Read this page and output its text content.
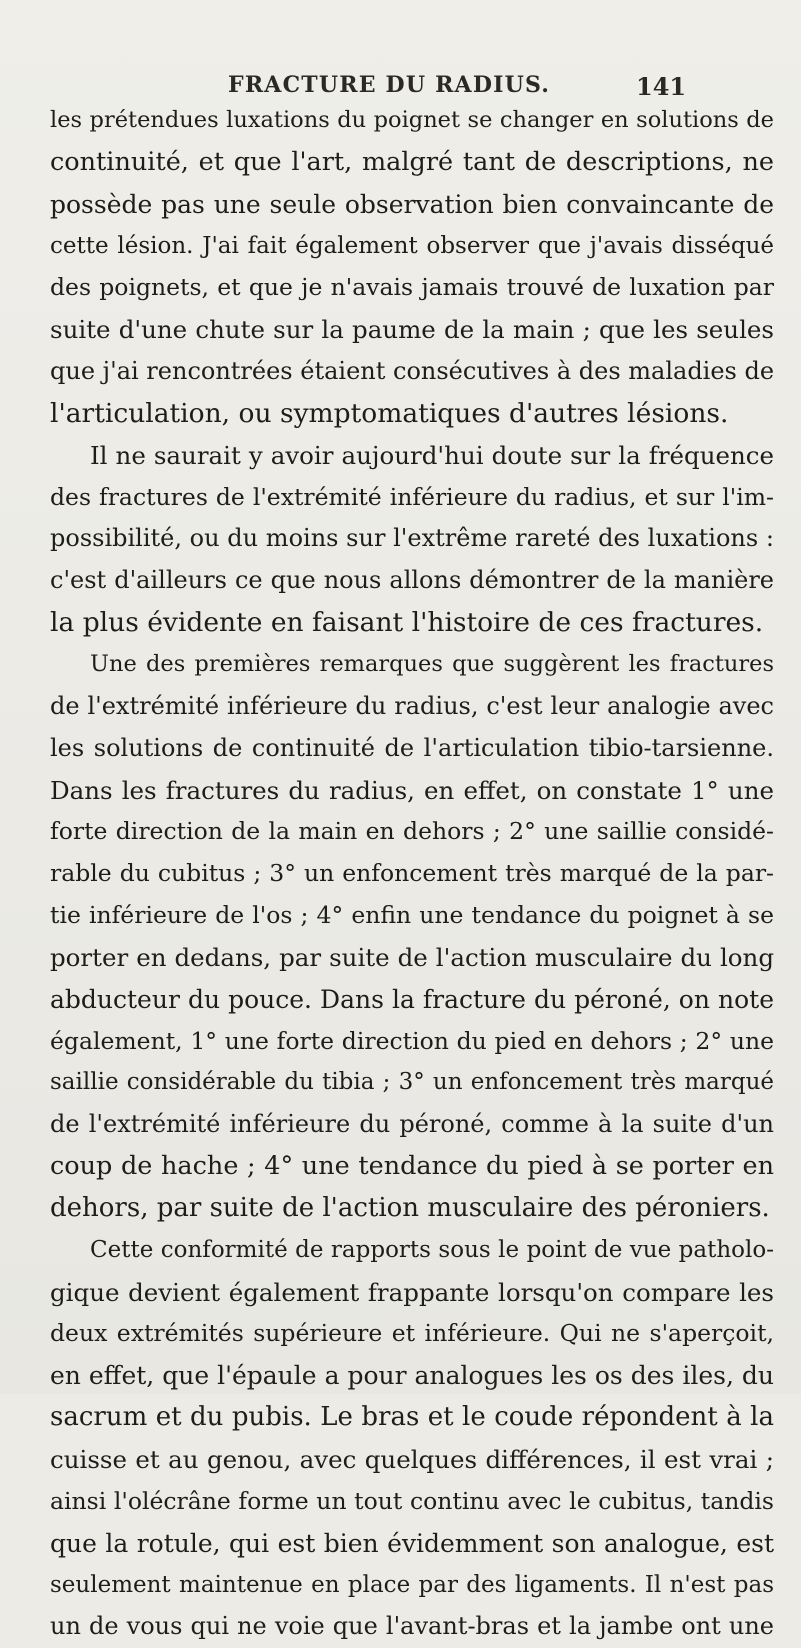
FRACTURE DU RADIUS.	141
les prétendues luxations du poignet se changer en solutions de
continuité, et que l'art, malgré tant de descriptions, ne
possède pas une seule observation bien convaincante de
cette lésion. J'ai fait également observer que j'avais disséqué
des poignets, et que je n'avais jamais trouvé de luxation par
suite d'une chute sur la paume de la main ; que les seules
que j'ai rencontrées étaient consécutives à des maladies de
l'articulation, ou symptomatiques d'autres lésions.
Il ne saurait y avoir aujourd'hui doute sur la fréquence
des fractures de l'extrémité inférieure du radius, et sur l'im-
possibilité, ou du moins sur l'extrême rareté des luxations :
c'est d'ailleurs ce que nous allons démontrer de la manière
la plus évidente en faisant l'histoire de ces fractures.
Une des premières remarques que suggèrent les fractures
de l'extrémité inférieure du radius, c'est leur analogie avec
les solutions de continuité de l'articulation tibio-tarsienne.
Dans les fractures du radius, en effet, on constate 1° une
forte direction de la main en dehors ; 2° une saillie considé-
rable du cubitus ; 3° un enfoncement très marqué de la par-
tie inférieure de l'os ; 4° enfin une tendance du poignet à se
porter en dedans, par suite de l'action musculaire du long
abducteur du pouce. Dans la fracture du péroné, on note
également, 1° une forte direction du pied en dehors ; 2° une
saillie considérable du tibia ; 3° un enfoncement très marqué
de l'extrémité inférieure du péroné, comme à la suite d'un
coup de hache ; 4° une tendance du pied à se porter en
dehors, par suite de l'action musculaire des péroniers.
Cette conformité de rapports sous le point de vue patholo-
gique devient également frappante lorsqu'on compare les
deux extrémités supérieure et inférieure. Qui ne s'aperçoit,
en effet, que l'épaule a pour analogues les os des iles, du
sacrum et du pubis. Le bras et le coude répondent à la
cuisse et au genou, avec quelques différences, il est vrai ;
ainsi l'olécrâne forme un tout continu avec le cubitus, tandis
que la rotule, qui est bien évidemment son analogue, est
seulement maintenue en place par des ligaments. Il n'est pas
un de vous qui ne voie que l'avant-bras et la jambe ont une
